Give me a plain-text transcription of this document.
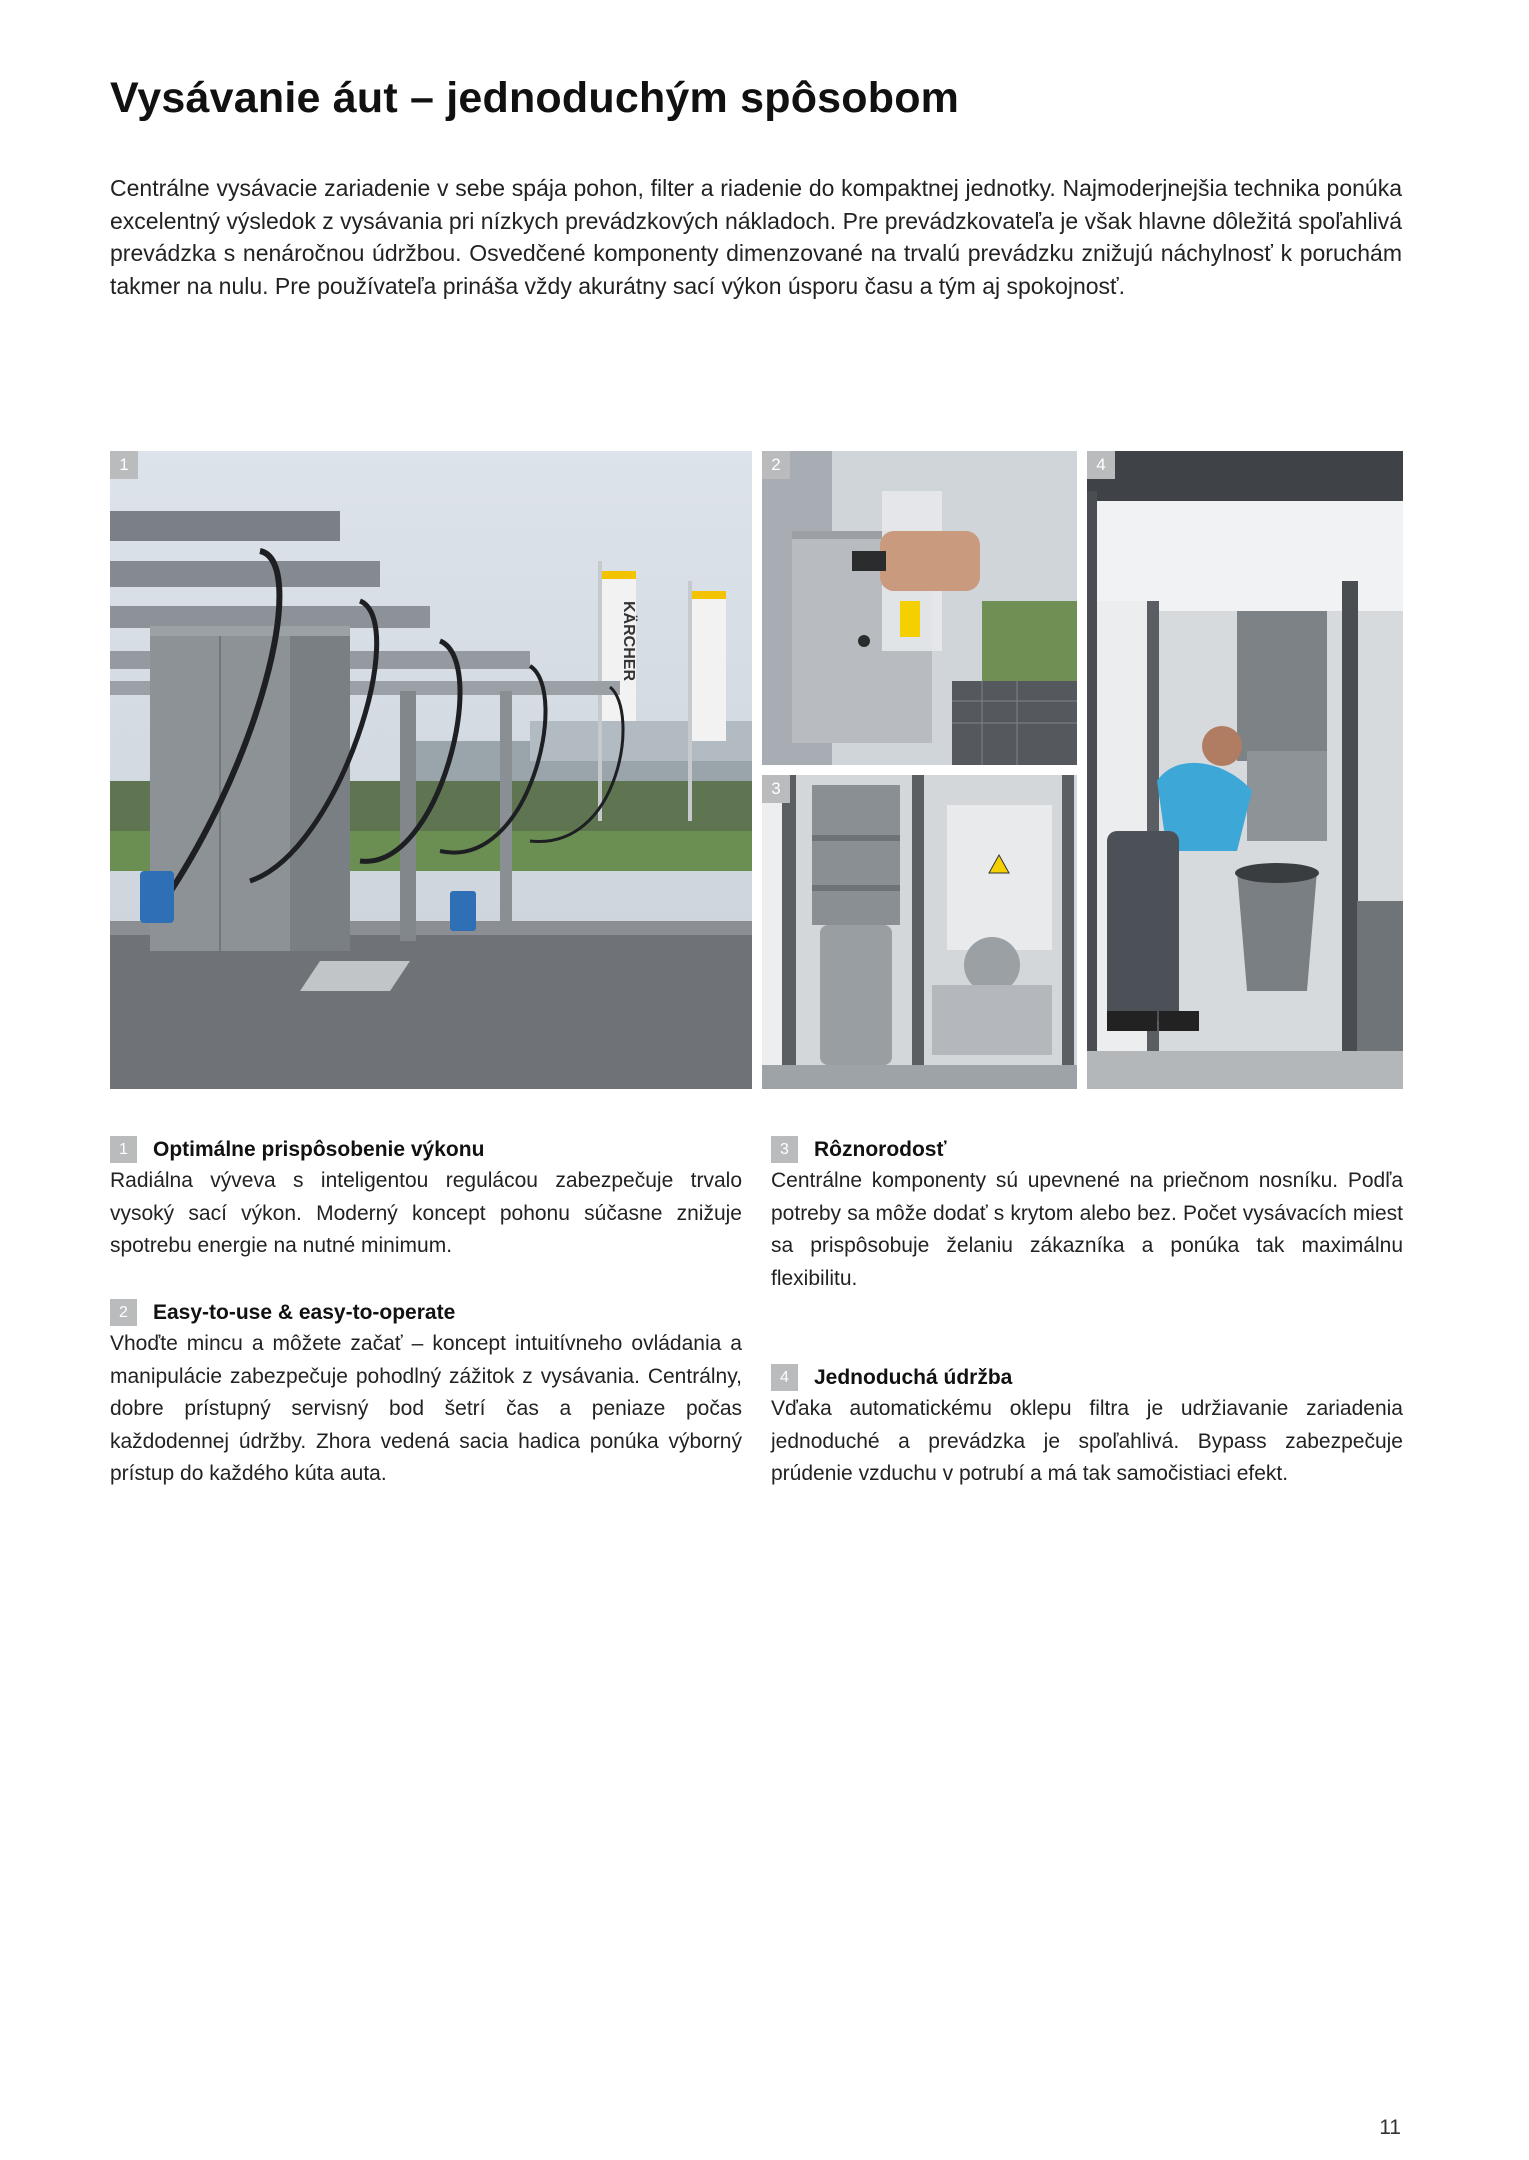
Vysávanie áut – jednoduchým spôsobom

Centrálne vysávacie zariadenie v sebe spája pohon, filter a riadenie do kompaktnej jednotky. Najmoderjnejšia technika ponúka excelentný výsledok z vysávania pri nízkych prevádzkových nákladoch. Pre prevádzkovateľa je však hlavne dôležitá spoľahlivá prevádzka s nenáročnou údržbou. Osvedčené komponenty dimenzované na trvalú prevádzku znižujú náchylnosť k poruchám takmer na nulu. Pre používateľa prináša vždy akurátny sací výkon úsporu času a tým aj spokojnosť.

KÄRCHER
1	2
3
4
1	Optimálne prispôsobenie výkonu

Radiálna výveva s inteligentou regulácou zabezpečuje trvalo vysoký sací výkon. Moderný koncept pohonu súčasne znižuje spotrebu energie na nutné minimum.

2	Easy-to-use & easy-to-operate

Vhoďte mincu a môžete začať – koncept intuitívneho ovládania a manipulácie zabezpečuje pohodlný zážitok z vysávania. Centrálny, dobre prístupný servisný bod šetrí čas a peniaze počas každodennej údržby. Zhora vedená sacia hadica ponúka výborný prístup do každého kúta auta.

3	Rôznorodosť

Centrálne komponenty sú upevnené na priečnom nosníku. Podľa potreby sa môže dodať s krytom alebo bez. Počet vysávacích miest sa prispôsobuje želaniu zákazníka a ponúka tak maximálnu flexibilitu.

4	Jednoduchá údržba

Vďaka automatickému oklepu filtra je udržiavanie zariadenia jednoduché a prevádzka je spoľahlivá. Bypass zabezpečuje prúdenie vzduchu v potrubí a má tak samočistiaci efekt.

11
